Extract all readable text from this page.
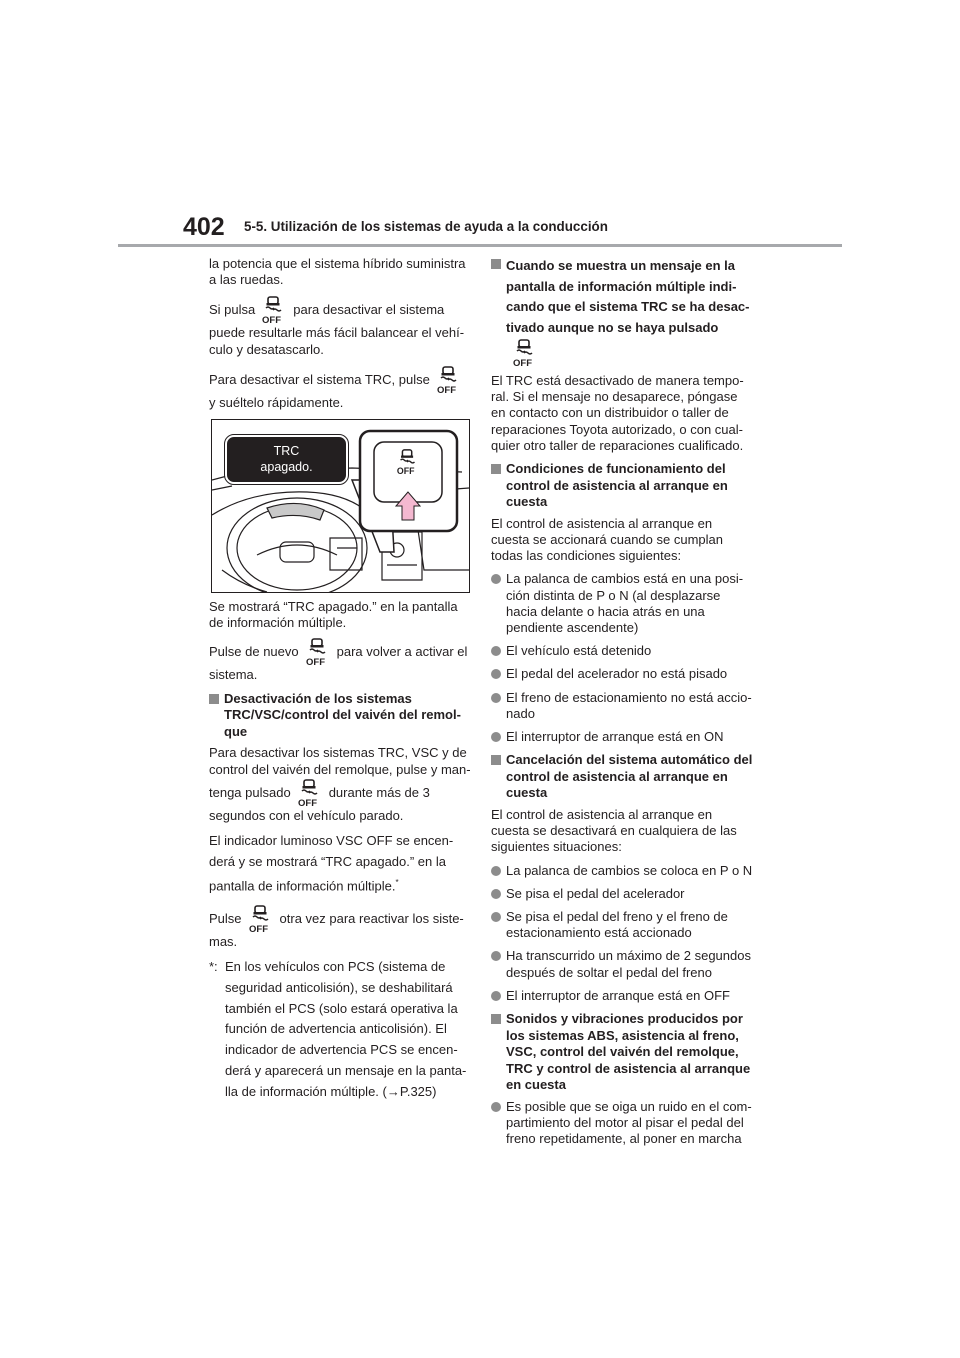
402 5-5. Utilización de los sistemas de ayuda a la conducción

la potencia que el sistema híbrido suministra a las ruedas.

Si pulsa	para desactivar el sistema puede resultarle más fácil balancear el vehí-culo y desatascarlo.

Para desactivar el sistema TRC, pulse
y suéltelo rápidamente.

TRC
apagado.

Se mostrará “TRC apagado.” en la pantalla de información múltiple.

Pulse de nuevo	para volver a activar el sistema.

Desactivación de los sistemas TRC/VSC/control del vaivén del remol-que

Para desactivar los sistemas TRC, VSC y de control del vaivén del remolque, pulse y man-tenga pulsado	durante más de 3 segundos con el vehículo parado.

El indicador luminoso VSC OFF se encen-derá y se mostrará “TRC apagado.” en la pantalla de información múltiple.*

Pulse	otra vez para reactivar los siste-mas.

*: En los vehículos con PCS (sistema de seguridad anticolisión), se deshabilitará también el PCS (solo estará operativa la función de advertencia anticolisión). El indicador de advertencia PCS se encen-derá y aparecerá un mensaje en la panta-lla de información múltiple. (→P.325)
Cuando se muestra un mensaje en la pantalla de información múltiple indi-cando que el sistema TRC se ha desac-tivado aunque no se haya pulsado

El TRC está desactivado de manera tempo-ral. Si el mensaje no desaparece, póngase en contacto con un distribuidor o taller de reparaciones Toyota autorizado, o con cual-quier otro taller de reparaciones cualificado.

Condiciones de funcionamiento del control de asistencia al arranque en cuesta

El control de asistencia al arranque en cuesta se accionará cuando se cumplan todas las condiciones siguientes:

La palanca de cambios está en una posi-ción distinta de P o N (al desplazarse hacia delante o hacia atrás en una pendiente ascendente)
El vehículo está detenido
El pedal del acelerador no está pisado
El freno de estacionamiento no está accio-nado
El interruptor de arranque está en ON
Cancelación del sistema automático del control de asistencia al arranque en cuesta

El control de asistencia al arranque en cuesta se desactivará en cualquiera de las siguientes situaciones:

La palanca de cambios se coloca en P o N
Se pisa el pedal del acelerador
Se pisa el pedal del freno y el freno de estacionamiento está accionado
Ha transcurrido un máximo de 2 segundos después de soltar el pedal del freno
El interruptor de arranque está en OFF
Sonidos y vibraciones producidos por los sistemas ABS, asistencia al freno, VSC, control del vaivén del remolque, TRC y control de asistencia al arranque en cuesta
Es posible que se oiga un ruido en el com-partimiento del motor al pisar el pedal del freno repetidamente, al poner en marcha
